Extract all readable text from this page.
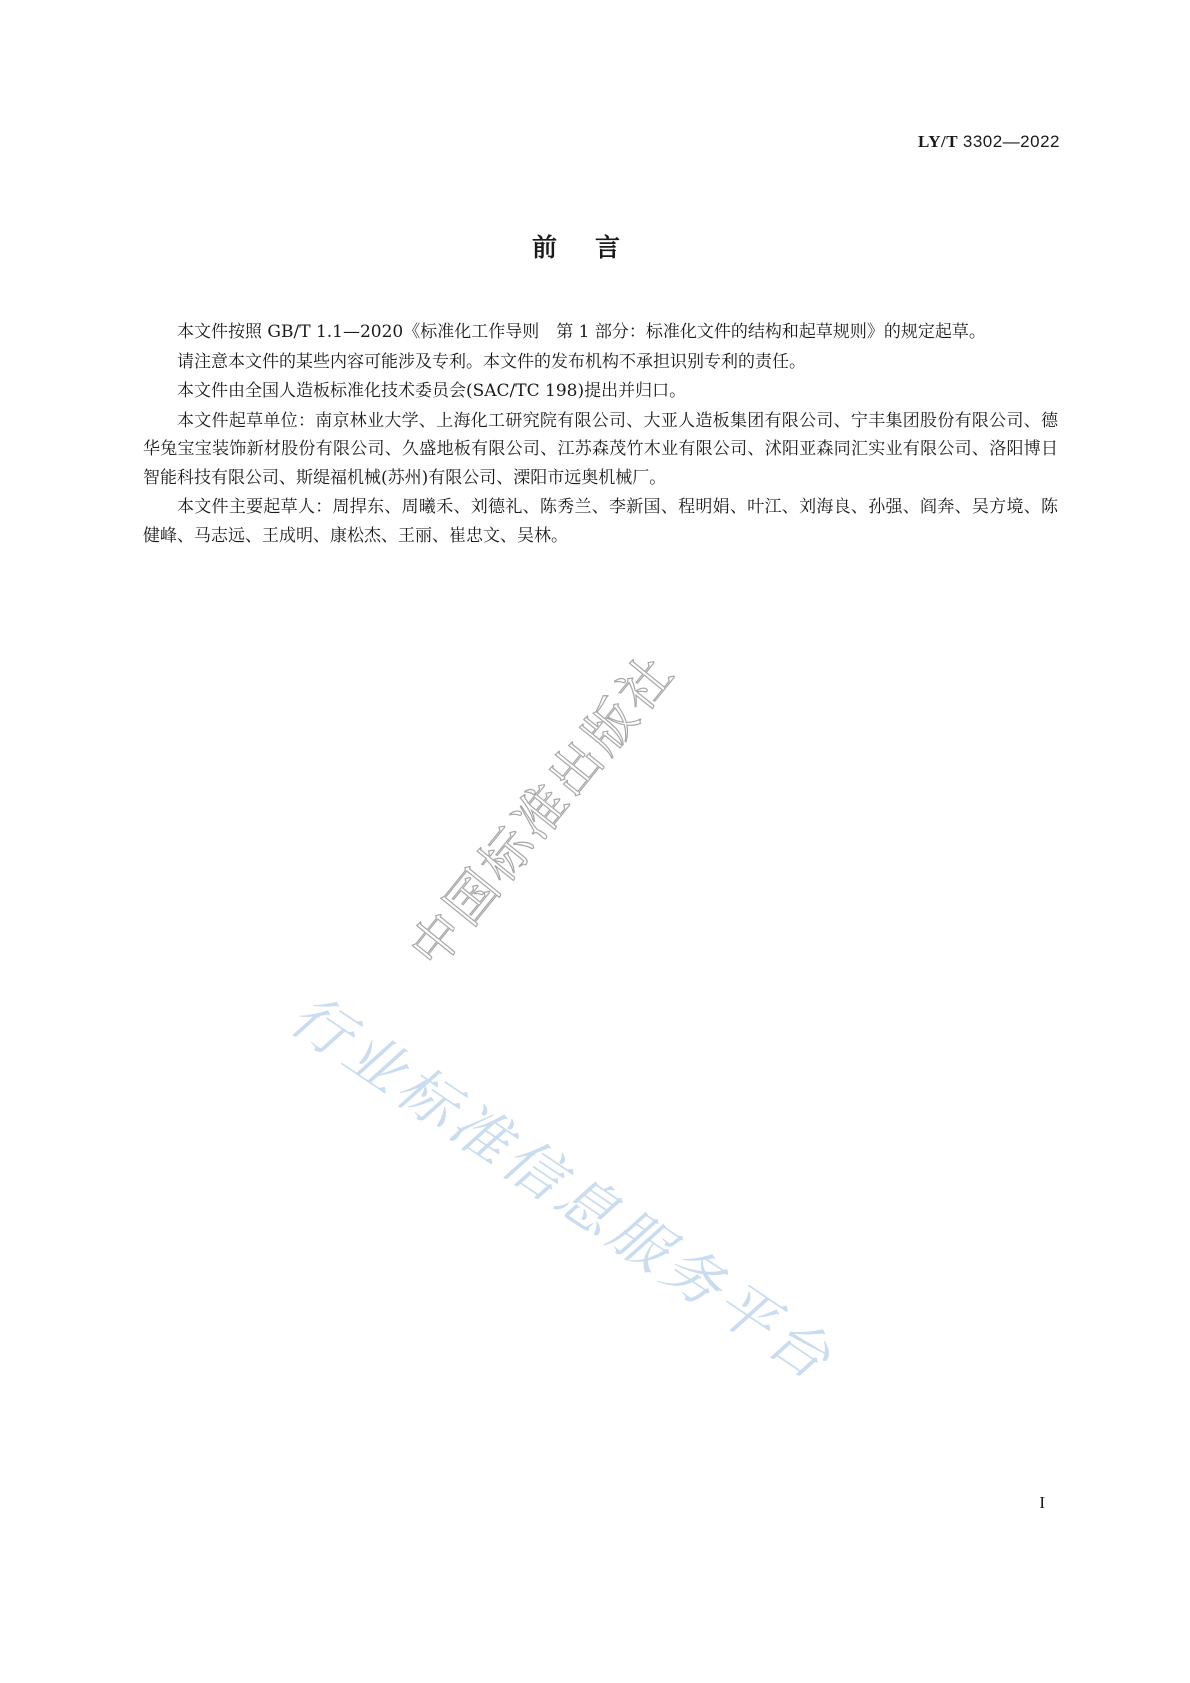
LY/T 3302—2022
前言

本文件按照 GB/T 1.1—2020《标准化工作导则　第 1 部分：标准化文件的结构和起草规则》的规定起草。

请注意本文件的某些内容可能涉及专利。本文件的发布机构不承担识别专利的责任。

本文件由全国人造板标准化技术委员会(SAC/TC 198)提出并归口。

本文件起草单位：南京林业大学、上海化工研究院有限公司、大亚人造板集团有限公司、宁丰集团股份有限公司、德华兔宝宝装饰新材股份有限公司、久盛地板有限公司、江苏森茂竹木业有限公司、沭阳亚森同汇实业有限公司、洛阳博日智能科技有限公司、斯缇福机械(苏州)有限公司、溧阳市远奥机械厂。

本文件主要起草人：周捍东、周曦禾、刘德礼、陈秀兰、李新国、程明娟、叶江、刘海良、孙强、阎奔、吴方境、陈健峰、马志远、王成明、康松杰、王丽、崔忠文、吴林。

中国标准出版社
行业标准信息服务平台
I
